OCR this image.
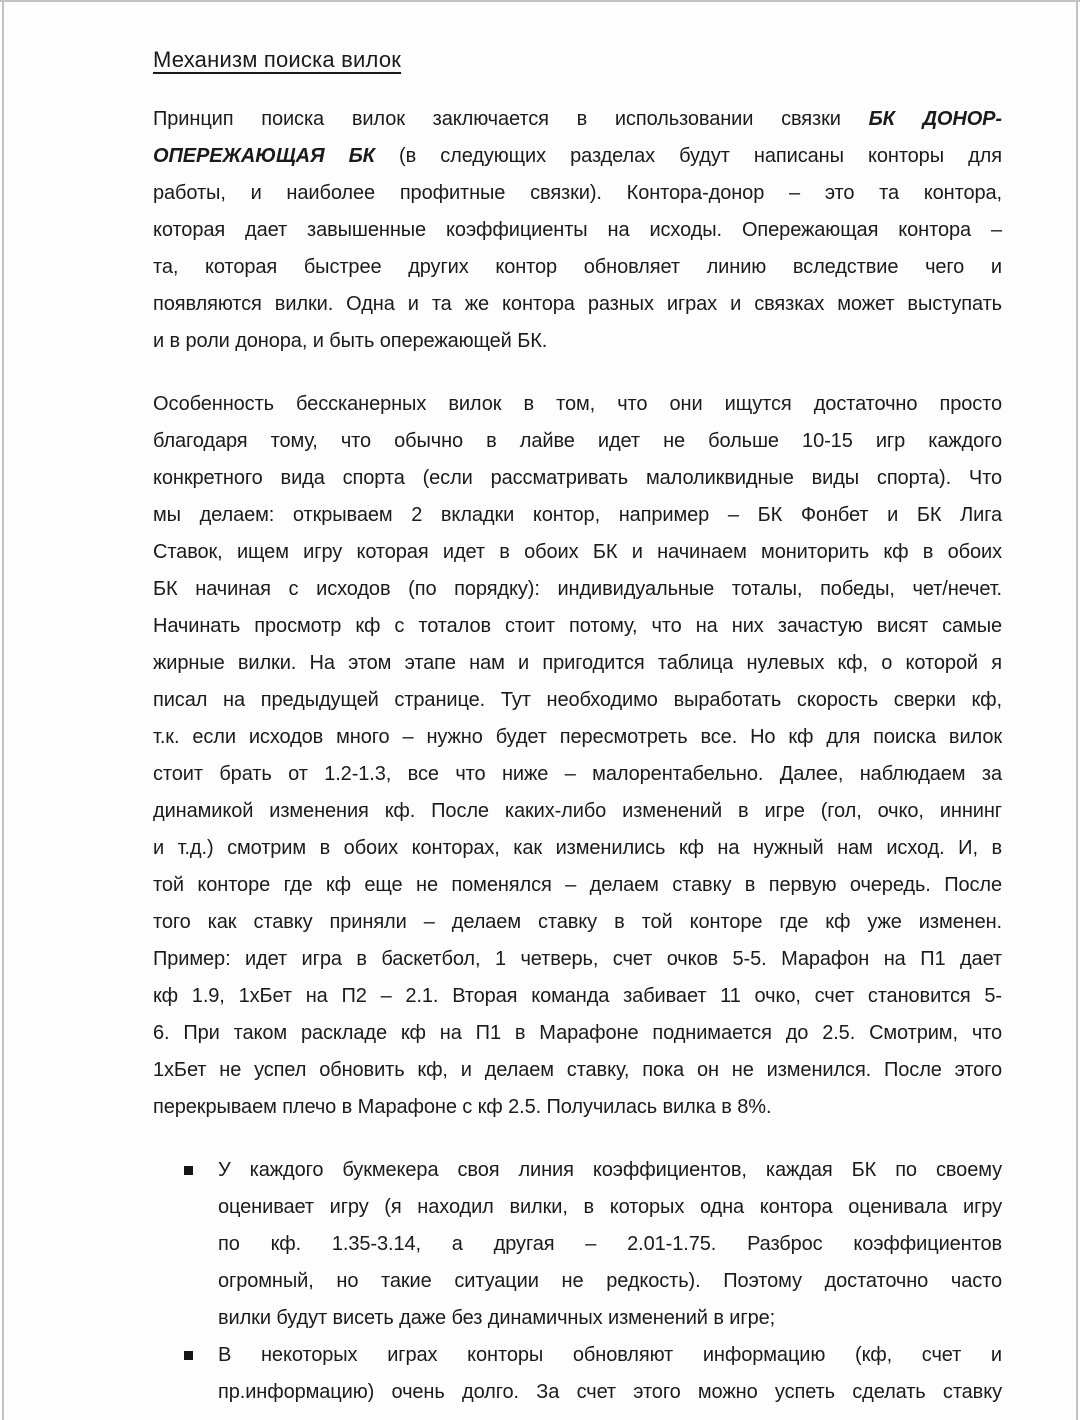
Механизм поиска вилок
Принцип поиска вилок заключается в использовании связки БК ДОНОР-
ОПЕРЕЖАЮЩАЯ БК (в следующих разделах будут написаны конторы для
работы, и наиболее профитные связки). Контора-донор – это та контора,
которая дает завышенные коэффициенты на исходы. Опережающая контора –
та, которая быстрее других контор обновляет линию вследствие чего и
появляются вилки. Одна и та же контора разных играх и связках может выступать
и в роли донора, и быть опережающей БК.
Особенность бессканерных вилок в том, что они ищутся достаточно просто
благодаря тому, что обычно в лайве идет не больше 10-15 игр каждого
конкретного вида спорта (если рассматривать малоликвидные виды спорта). Что
мы делаем: открываем 2 вкладки контор, например – БК Фонбет и БК Лига
Ставок, ищем игру которая идет в обоих БК и начинаем мониторить кф в обоих
БК начиная с исходов (по порядку): индивидуальные тоталы, победы, чет/нечет.
Начинать просмотр кф с тоталов стоит потому, что на них зачастую висят самые
жирные вилки. На этом этапе нам и пригодится таблица нулевых кф, о которой я
писал на предыдущей странице. Тут необходимо выработать скорость сверки кф,
т.к. если исходов много – нужно будет пересмотреть все. Но кф для поиска вилок
стоит брать от 1.2-1.3, все что ниже – малорентабельно. Далее, наблюдаем за
динамикой изменения кф. После каких-либо изменений в игре (гол, очко, иннинг
и т.д.) смотрим в обоих конторах, как изменились кф на нужный нам исход. И, в
той конторе где кф еще не поменялся – делаем ставку в первую очередь. После
того как ставку приняли – делаем ставку в той конторе где кф уже изменен.
Пример: идет игра в баскетбол, 1 четверь, счет очков 5-5. Марафон на П1 дает
кф 1.9, 1хБет на П2 – 2.1. Вторая команда забивает 11 очко, счет становится 5-
6. При таком раскладе кф на П1 в Марафоне поднимается до 2.5. Смотрим, что
1хБет не успел обновить кф, и делаем ставку, пока он не изменился. После этого
перекрываем плечо в Марафоне с кф 2.5. Получилась вилка в 8%.
У каждого букмекера своя линия коэффициентов, каждая БК по своему
оценивает игру (я находил вилки, в которых одна контора оценивала игру
по кф. 1.35-3.14, а другая – 2.01-1.75. Разброс коэффициентов
огромный, но такие ситуации не редкость). Поэтому достаточно часто
вилки будут висеть даже без динамичных изменений в игре;
В некоторых играх конторы обновляют информацию (кф, счет и
пр.информацию) очень долго. За счет этого можно успеть сделать ставку
